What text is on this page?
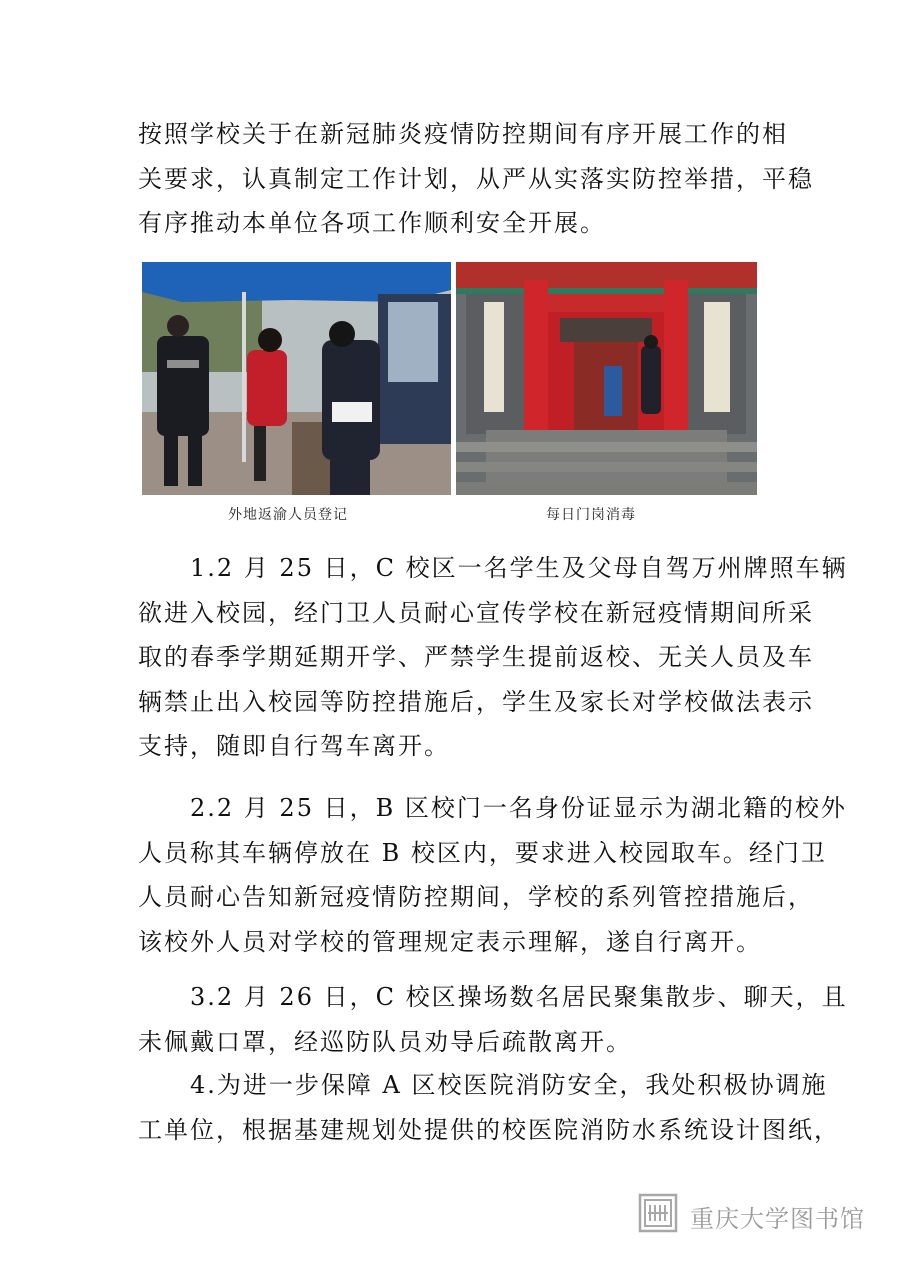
按照学校关于在新冠肺炎疫情防控期间有序开展工作的相
关要求，认真制定工作计划，从严从实落实防控举措，平稳
有序推动本单位各项工作顺利安全开展。
外地返渝人员登记	每日门岗消毒
　　1.2 月 25 日，C 校区一名学生及父母自驾万州牌照车辆
欲进入校园，经门卫人员耐心宣传学校在新冠疫情期间所采
取的春季学期延期开学、严禁学生提前返校、无关人员及车
辆禁止出入校园等防控措施后，学生及家长对学校做法表示
支持，随即自行驾车离开。
　　2.2 月 25 日，B 区校门一名身份证显示为湖北籍的校外
人员称其车辆停放在 B 校区内，要求进入校园取车。经门卫
人员耐心告知新冠疫情防控期间，学校的系列管控措施后，
该校外人员对学校的管理规定表示理解，遂自行离开。
　　3.2 月 26 日，C 校区操场数名居民聚集散步、聊天，且
未佩戴口罩，经巡防队员劝导后疏散离开。
　　4.为进一步保障 A 区校医院消防安全，我处积极协调施
工单位，根据基建规划处提供的校医院消防水系统设计图纸，
重庆大学图书馆
